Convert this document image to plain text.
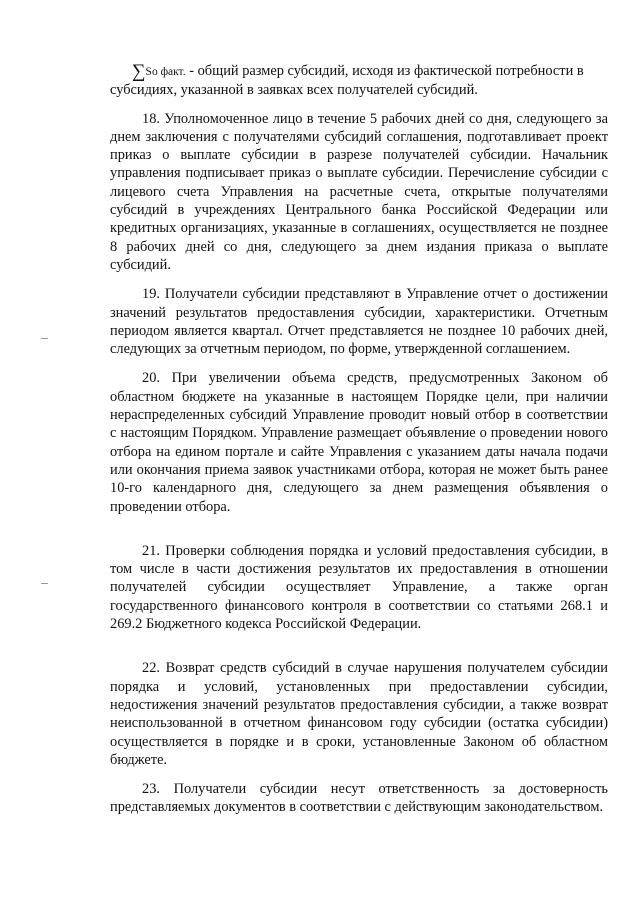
∑So факт. - общий размер субсидий, исходя из фактической потребности в субсидиях, указанной в заявках всех получателей субсидий.

18. Уполномоченное лицо в течение 5 рабочих дней со дня, следующего за днем заключения с получателями субсидий соглашения, подготавливает проект приказ о выплате субсидии в разрезе получателей субсидии. Начальник управления подписывает приказ о выплате субсидии. Перечисление субсидии с лицевого счета Управления на расчетные счета, открытые получателями субсидий в учреждениях Центрального банка Российской Федерации или кредитных организациях, указанные в соглашениях, осуществляется не позднее 8 рабочих дней со дня, следующего за днем издания приказа о выплате субсидий.

19. Получатели субсидии представляют в Управление отчет о достижении значений результатов предоставления субсидии, характеристики. Отчетным периодом является квартал. Отчет представляется не позднее 10 рабочих дней, следующих за отчетным периодом, по форме, утвержденной соглашением.

20. При увеличении объема средств, предусмотренных Законом об областном бюджете на указанные в настоящем Порядке цели, при наличии нераспределенных субсидий Управление проводит новый отбор в соответствии с настоящим Порядком. Управление размещает объявление о проведении нового отбора на едином портале и сайте Управления с указанием даты начала подачи или окончания приема заявок участниками отбора, которая не может быть ранее 10-го календарного дня, следующего за днем размещения объявления о проведении отбора.

21. Проверки соблюдения порядка и условий предоставления субсидии, в том числе в части достижения результатов их предоставления в отношении получателей субсидии осуществляет Управление, а также орган государственного финансового контроля в соответствии со статьями 268.1 и 269.2 Бюджетного кодекса Российской Федерации.

22. Возврат средств субсидий в случае нарушения получателем субсидии порядка и условий, установленных при предоставлении субсидии, недостижения значений результатов предоставления субсидии, а также возврат неиспользованной в отчетном финансовом году субсидии (остатка субсидии) осуществляется в порядке и в сроки, установленные Законом об областном бюджете.

23. Получатели субсидии несут ответственность за достоверность представляемых документов в соответствии с действующим законодательством.
